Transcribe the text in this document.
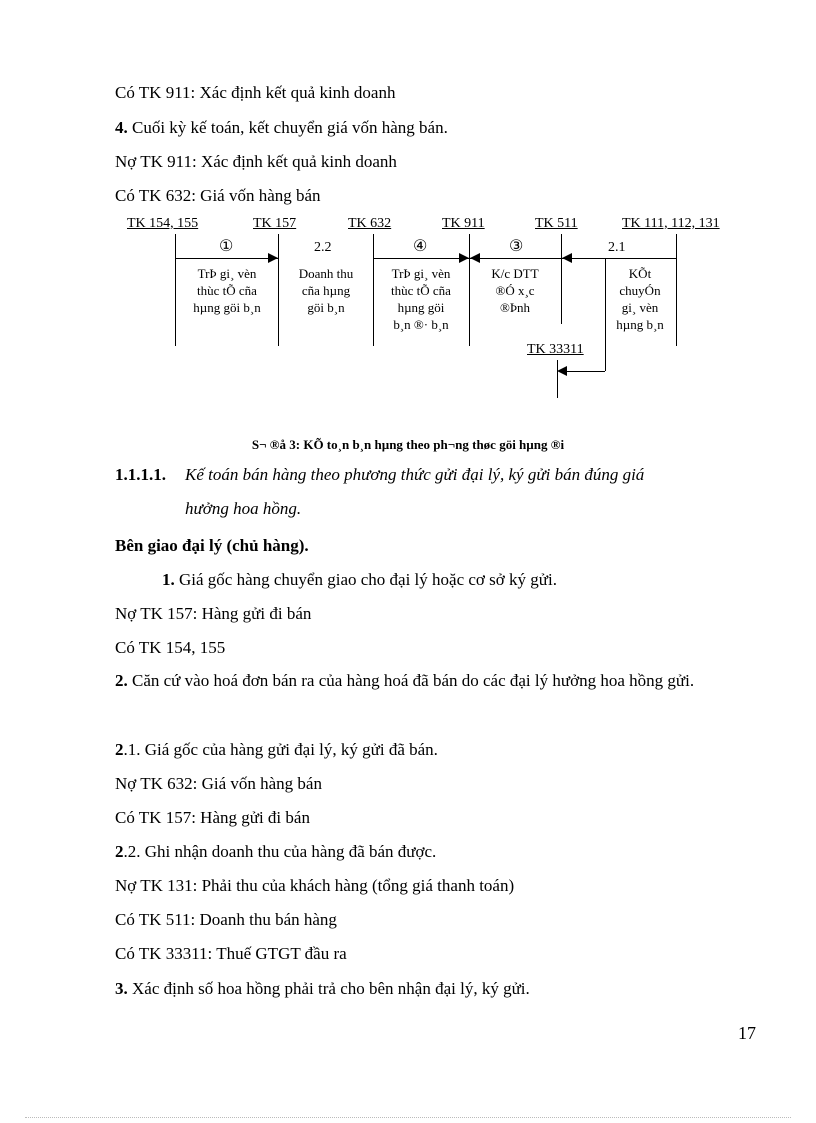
Có TK 911: Xác định kết quả kinh doanh
4. Cuối kỳ kế toán, kết chuyển giá vốn hàng bán.
Nợ TK 911: Xác định kết quả kinh doanh
Có TK 632: Giá vốn hàng bán
TK 154, 155	TK 157	TK 632	TK 911	TK 511	TK 111, 112, 131
TK 33311
①	2.2	④	③	2.1
TrÞ gi¸ vèn
thùc tÕ cña
hµng göi b¸n
Doanh thu
cña hµng
göi b¸n
TrÞ gi¸ vèn
thùc tÕ cña
hµng göi
b¸n ®· b¸n
K/c DTT
®Ó x¸c
®Þnh
KÕt
chuyÓn
gi¸ vèn
hµng b¸n
S¬ ®å 3: KÕ to¸n b¸n hµng theo ph¬ng thøc göi hµng ®i
1.1.1.1. Kế toán bán hàng theo phương thức gửi đại lý, ký gửi bán đúng giá
hưởng hoa hồng.
Bên giao đại lý (chủ hàng).
1. Giá gốc hàng chuyển giao cho đại lý hoặc cơ sở ký gửi.
Nợ TK 157: Hàng gửi đi bán
Có TK 154, 155
2. Căn cứ vào hoá đơn bán ra của hàng hoá đã bán do các đại lý hưởng hoa hồng gửi.
2.1. Giá gốc của hàng gửi đại lý, ký gửi đã bán.
Nợ TK 632: Giá vốn hàng bán
Có TK 157: Hàng gửi đi bán
2.2. Ghi nhận doanh thu của hàng đã bán được.
Nợ TK 131: Phải thu của khách hàng (tổng giá thanh toán)
Có TK 511: Doanh thu bán hàng
Có TK 33311: Thuế GTGT đầu ra
3. Xác định số hoa hồng phải trả cho bên nhận đại lý, ký gửi.
17
